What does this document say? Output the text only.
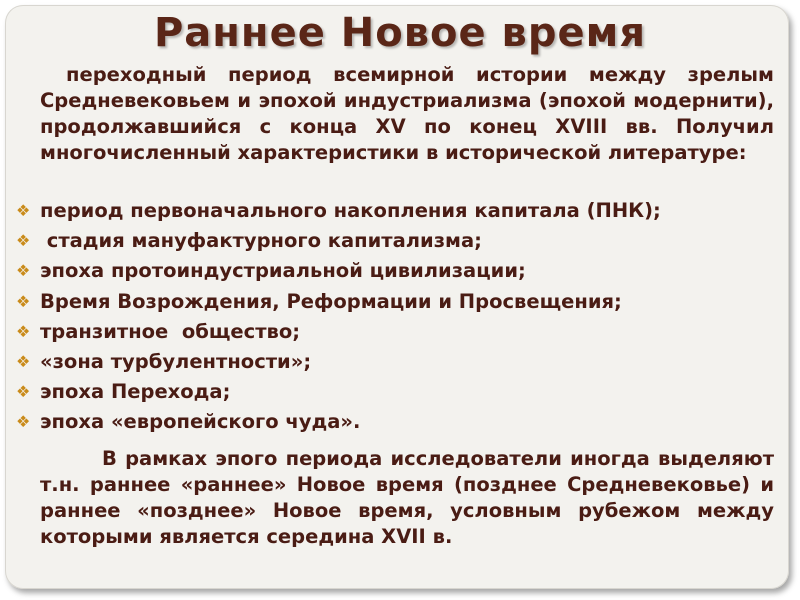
Раннее Новое время

переходный период всемирной истории между зрелым Средневековьем и эпохой индустриализма (эпохой модернити), продолжавшийся с конца XV по конец XVIII вв. Получил многочисленный характеристики в исторической литературе:

❖ период первоначального накопления капитала (ПНК);
❖ стадия мануфактурного капитализма;
❖ эпоха протоиндустриальной цивилизации;
❖ Время Возрождения, Реформации и Просвещения;
❖ транзитное  общество;
❖ «зона турбулентности»;
❖ эпоха Перехода;
❖ эпоха «европейского чуда».

В рамках эпого периода исследователи иногда выделяют т.н. раннее «раннее» Новое время (позднее Средневековье) и раннее «позднее» Новое время, условным рубежом между которыми является середина XVII в.
